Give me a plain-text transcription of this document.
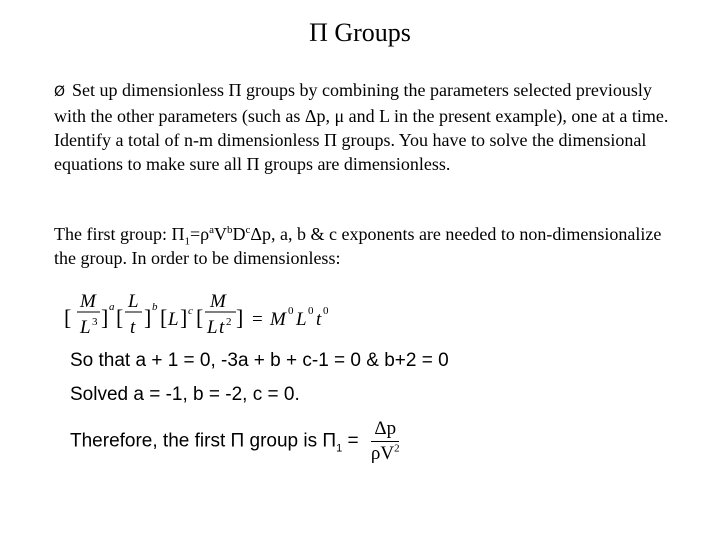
Π Groups
Ø Set up dimensionless Π groups by combining the parameters selected previously with the other parameters (such as Δp, μ and L in the present example), one at a time. Identify a total of n-m dimensionless Π groups. You have to solve the dimensional equations to make sure all Π groups are dimensionless.
The first group: $\Pi_1=\rho^aV^bD^c\Delta p$, a, b & c exponents are needed to non-dimensionalize the group. In order to be dimensionless:
[
M
L 3 ] a [
L
t ] b [ L ] c [
M
L t 2 ] = M 0 L 0 t 0
So that a + 1 = 0, -3a + b + c-1 = 0 & b+2 = 0
Solved a = -1, b = -2, c = 0.
Therefore, the first Π group is $\Pi_1 = \frac{\Delta p}{\rho V^2}$
